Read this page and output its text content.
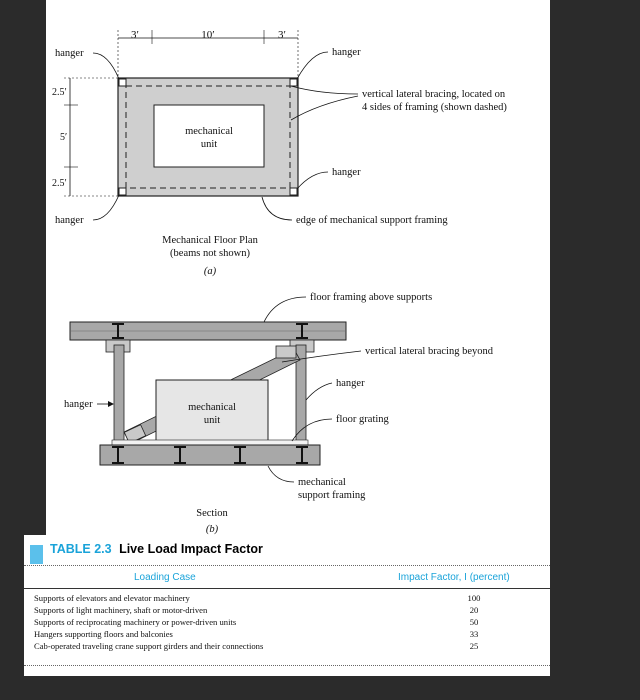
3′	10′	3′
2.5′
5′
2.5′
mechanical
unit
hanger	hanger
hanger
hanger
vertical lateral bracing, located on
4 sides of framing (shown dashed)
edge of mechanical support framing
Mechanical Floor Plan
(beams not shown)
(a)
mechanical
unit
floor framing above supports
vertical lateral bracing beyond
hanger
hanger
floor grating
mechanical
support framing
Section
(b)
TABLE 2.3 Live Load Impact Factor
Loading Case	Impact Factor, I (percent)
Supports of elevators and elevator machinery	100
Supports of light machinery, shaft or motor-driven	20
Supports of reciprocating machinery or power-driven units	50
Hangers supporting floors and balconies	33
Cab-operated traveling crane support girders and their connections	25
